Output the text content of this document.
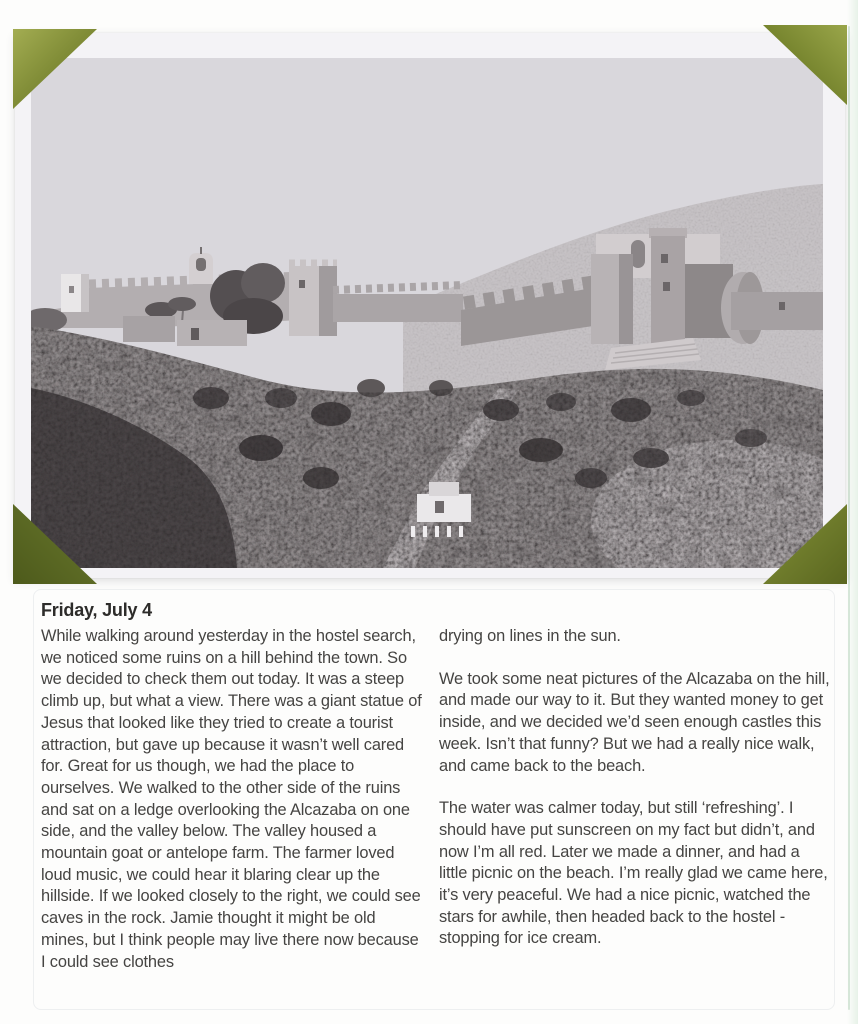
Friday, July 4

While walking around yesterday in the hostel search, we noticed some ruins on a hill behind the town. So we decided to check them out today. It was a steep climb up, but what a view. There was a giant statue of Jesus that looked like they tried to create a tourist attraction, but gave up because it wasn’t well cared for. Great for us though, we had the place to ourselves. We walked to the other side of the ruins and sat on a ledge overlooking the Alcazaba on one side, and the valley below. The valley housed a mountain goat or antelope farm. The farmer loved loud music, we could hear it blaring clear up the hillside. If we looked closely to the right, we could see caves in the rock. Jamie thought it might be old mines, but I think people may live there now because I could see clothes

drying on lines in the sun.

We took some neat pictures of the Alcazaba on the hill, and made our way to it. But they wanted money to get inside, and we decided we’d seen enough castles this week. Isn’t that funny? But we had a really nice walk, and came back to the beach.

The water was calmer today, but still ‘refreshing’. I should have put sunscreen on my fact but didn’t, and now I’m all red. Later we made a dinner, and had a little picnic on the beach. I’m really glad we came here, it’s very peaceful. We had a nice picnic, watched the stars for awhile, then headed back to the hostel - stopping for ice cream.
